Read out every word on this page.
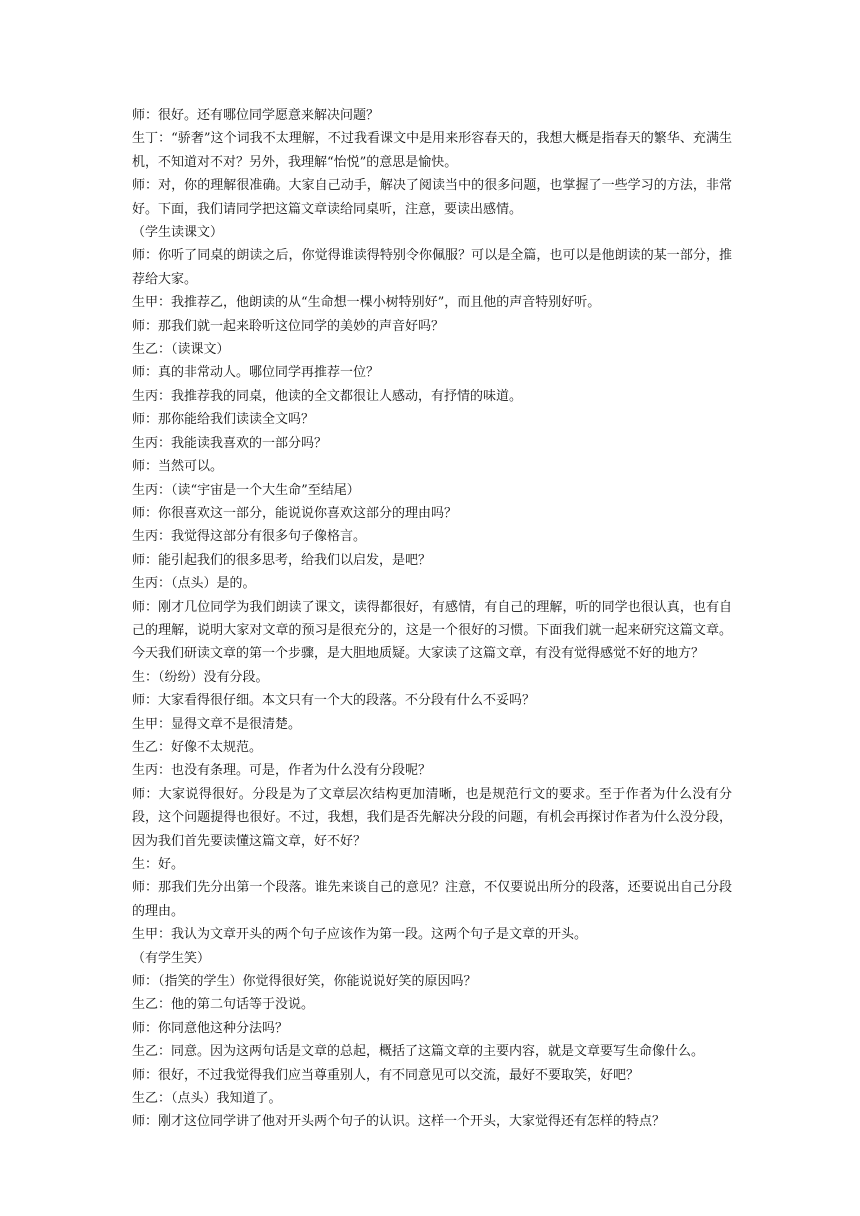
师：很好。还有哪位同学愿意来解决问题？

生丁：“骄奢”这个词我不太理解，不过我看课文中是用来形容春天的，我想大概是指春天的繁华、充满生机，不知道对不对？另外，我理解“怡悦”的意思是愉快。

师：对，你的理解很准确。大家自己动手，解决了阅读当中的很多问题，也掌握了一些学习的方法，非常好。下面，我们请同学把这篇文章读给同桌听，注意，要读出感情。

（学生读课文）

师：你听了同桌的朗读之后，你觉得谁读得特别令你佩服？可以是全篇，也可以是他朗读的某一部分，推荐给大家。

生甲：我推荐乙，他朗读的从“生命想一棵小树特别好”，而且他的声音特别好听。

师：那我们就一起来聆听这位同学的美妙的声音好吗？

生乙：（读课文）

师：真的非常动人。哪位同学再推荐一位？

生丙：我推荐我的同桌，他读的全文都很让人感动，有抒情的味道。

师：那你能给我们读读全文吗？

生丙：我能读我喜欢的一部分吗？

师：当然可以。

生丙：（读“宇宙是一个大生命”至结尾）

师：你很喜欢这一部分，能说说你喜欢这部分的理由吗？

生丙：我觉得这部分有很多句子像格言。

师：能引起我们的很多思考，给我们以启发，是吧？

生丙：（点头）是的。

师：刚才几位同学为我们朗读了课文，读得都很好，有感情，有自己的理解，听的同学也很认真，也有自己的理解，说明大家对文章的预习是很充分的，这是一个很好的习惯。下面我们就一起来研究这篇文章。今天我们研读文章的第一个步骤，是大胆地质疑。大家读了这篇文章，有没有觉得感觉不好的地方？

生：（纷纷）没有分段。

师：大家看得很仔细。本文只有一个大的段落。不分段有什么不妥吗？

生甲：显得文章不是很清楚。

生乙：好像不太规范。

生丙：也没有条理。可是，作者为什么没有分段呢？

师：大家说得很好。分段是为了文章层次结构更加清晰，也是规范行文的要求。至于作者为什么没有分段，这个问题提得也很好。不过，我想，我们是否先解决分段的问题，有机会再探讨作者为什么没分段，因为我们首先要读懂这篇文章，好不好？

生：好。

师：那我们先分出第一个段落。谁先来谈自己的意见？注意，不仅要说出所分的段落，还要说出自己分段的理由。

生甲：我认为文章开头的两个句子应该作为第一段。这两个句子是文章的开头。

（有学生笑）

师：（指笑的学生）你觉得很好笑，你能说说好笑的原因吗？

生乙：他的第二句话等于没说。

师：你同意他这种分法吗？

生乙：同意。因为这两句话是文章的总起，概括了这篇文章的主要内容，就是文章要写生命像什么。

师：很好，不过我觉得我们应当尊重别人，有不同意见可以交流，最好不要取笑，好吧？

生乙：（点头）我知道了。

师：刚才这位同学讲了他对开头两个句子的认识。这样一个开头，大家觉得还有怎样的特点？
